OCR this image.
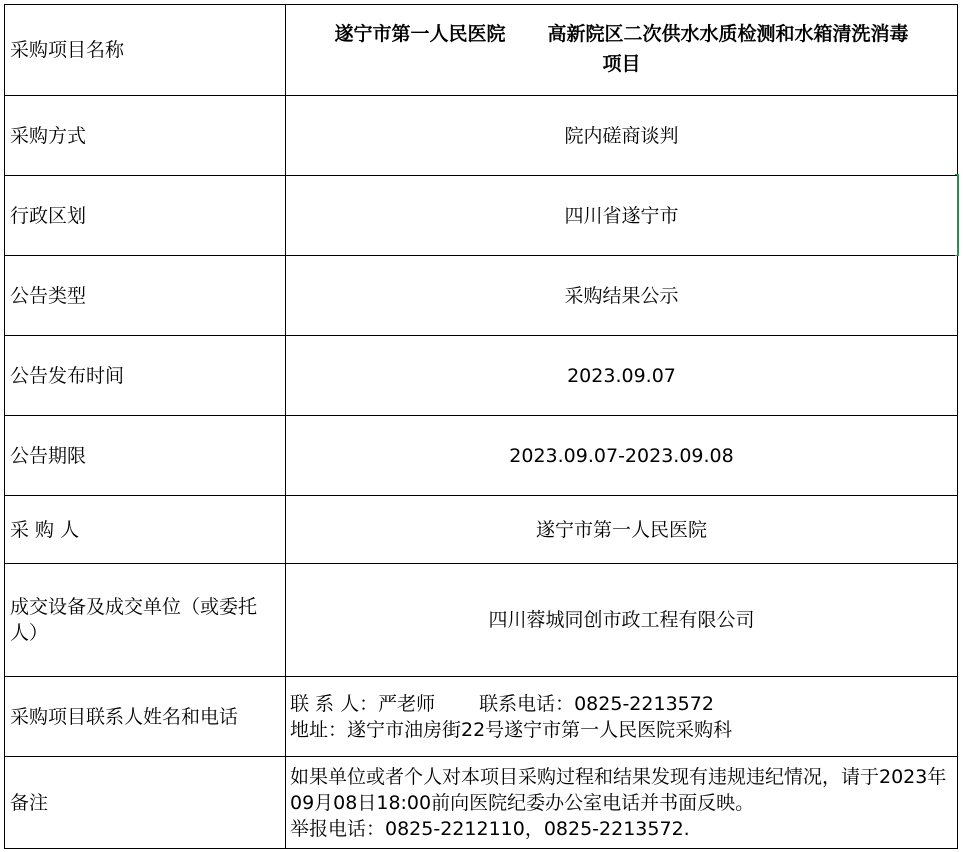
采购项目名称	遂宁市第一人民医院 高新院区二次供水水质检测和水箱清洗消毒
项目

采购方式	院内磋商谈判
行政区划	四川省遂宁市
公告类型	采购结果公示
公告发布时间	2023.09.07
公告期限	2023.09.07-2023.09.08
采 购 人	遂宁市第一人民医院
成交设备及成交单位（或委托人）	四川蓉城同创市政工程有限公司
采购项目联系人姓名和电话	联 系 人：严老师 联系电话：0825-2213572
地址：遂宁市油房街22号遂宁市第一人民医院采购科

备注	如果单位或者个人对本项目采购过程和结果发现有违规违纪情况，请于2023年09月08日18:00前向医院纪委办公室电话并书面反映。
举报电话：0825-2212110，0825-2213572.
